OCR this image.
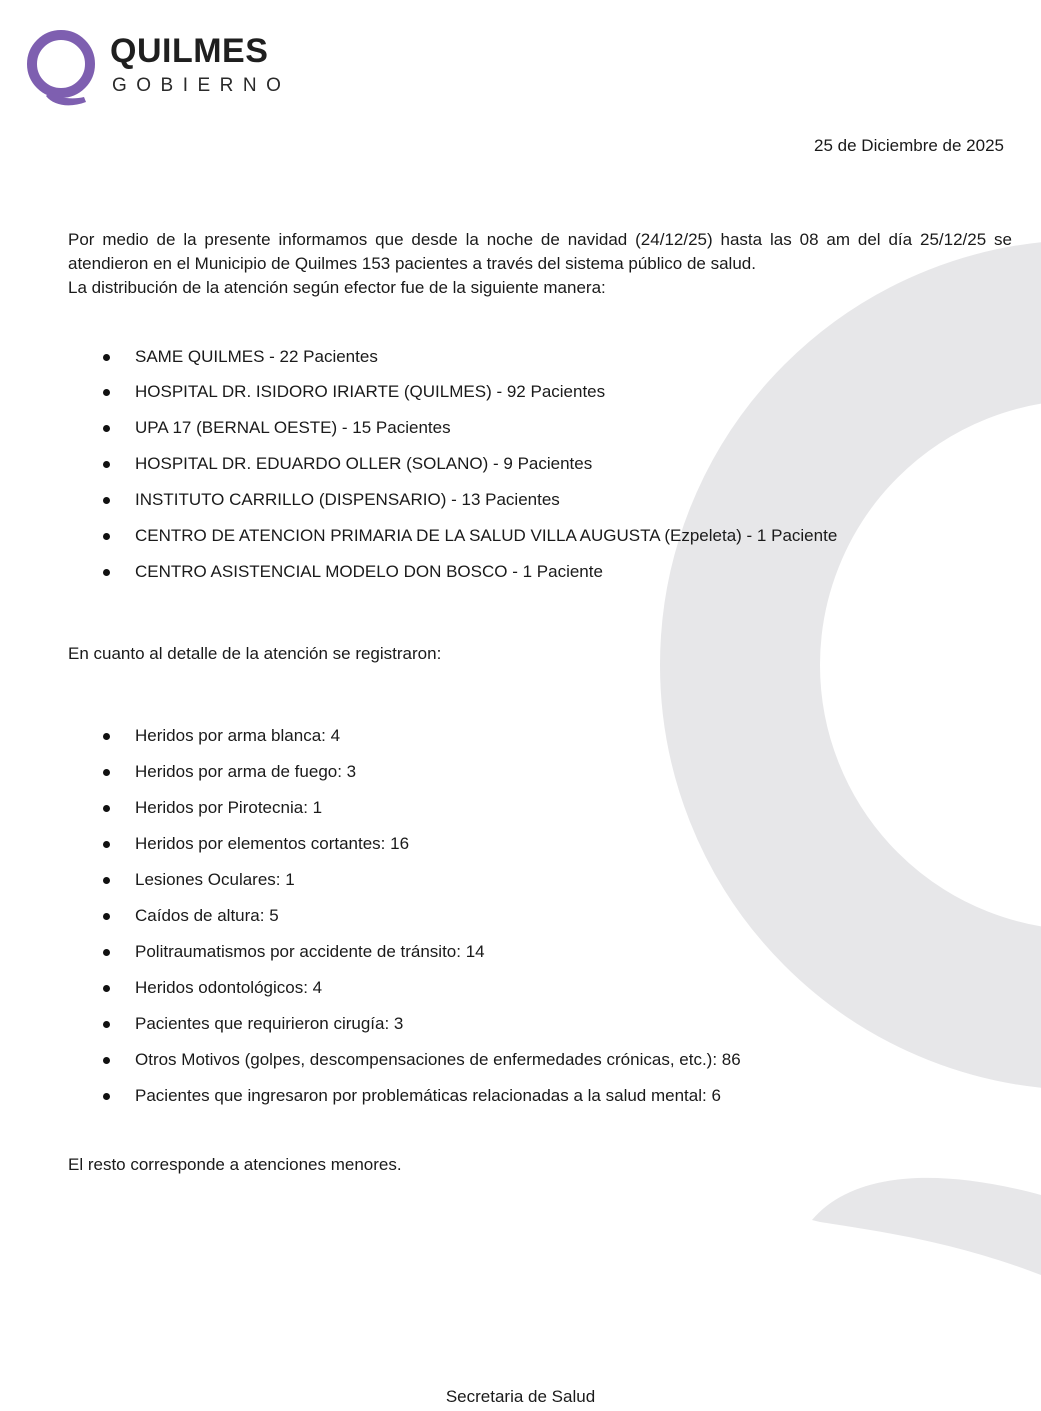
QUILMES
GOBIERNO
25 de Diciembre de 2025

Por medio de la presente informamos que desde la noche de navidad (24/12/25) hasta las 08 am del día 25/12/25 se

atendieron en el Municipio de Quilmes 153 pacientes a través del sistema público de salud.

La distribución de la atención según efector fue de la siguiente manera:

SAME QUILMES - 22 Pacientes
HOSPITAL DR. ISIDORO IRIARTE (QUILMES) - 92 Pacientes
UPA 17 (BERNAL OESTE) - 15 Pacientes
HOSPITAL DR. EDUARDO OLLER (SOLANO) - 9 Pacientes
INSTITUTO CARRILLO (DISPENSARIO) - 13 Pacientes
CENTRO DE ATENCION PRIMARIA DE LA SALUD VILLA AUGUSTA (Ezpeleta) - 1 Paciente
CENTRO ASISTENCIAL MODELO DON BOSCO - 1 Paciente
En cuanto al detalle de la atención se registraron:
Heridos por arma blanca: 4
Heridos por arma de fuego: 3
Heridos por Pirotecnia: 1
Heridos por elementos cortantes: 16
Lesiones Oculares: 1
Caídos de altura: 5
Politraumatismos por accidente de tránsito: 14
Heridos odontológicos: 4
Pacientes que requirieron cirugía: 3
Otros Motivos (golpes, descompensaciones de enfermedades crónicas, etc.): 86
Pacientes que ingresaron por problemáticas relacionadas a la salud mental: 6
El resto corresponde a atenciones menores.
Secretaria de Salud
